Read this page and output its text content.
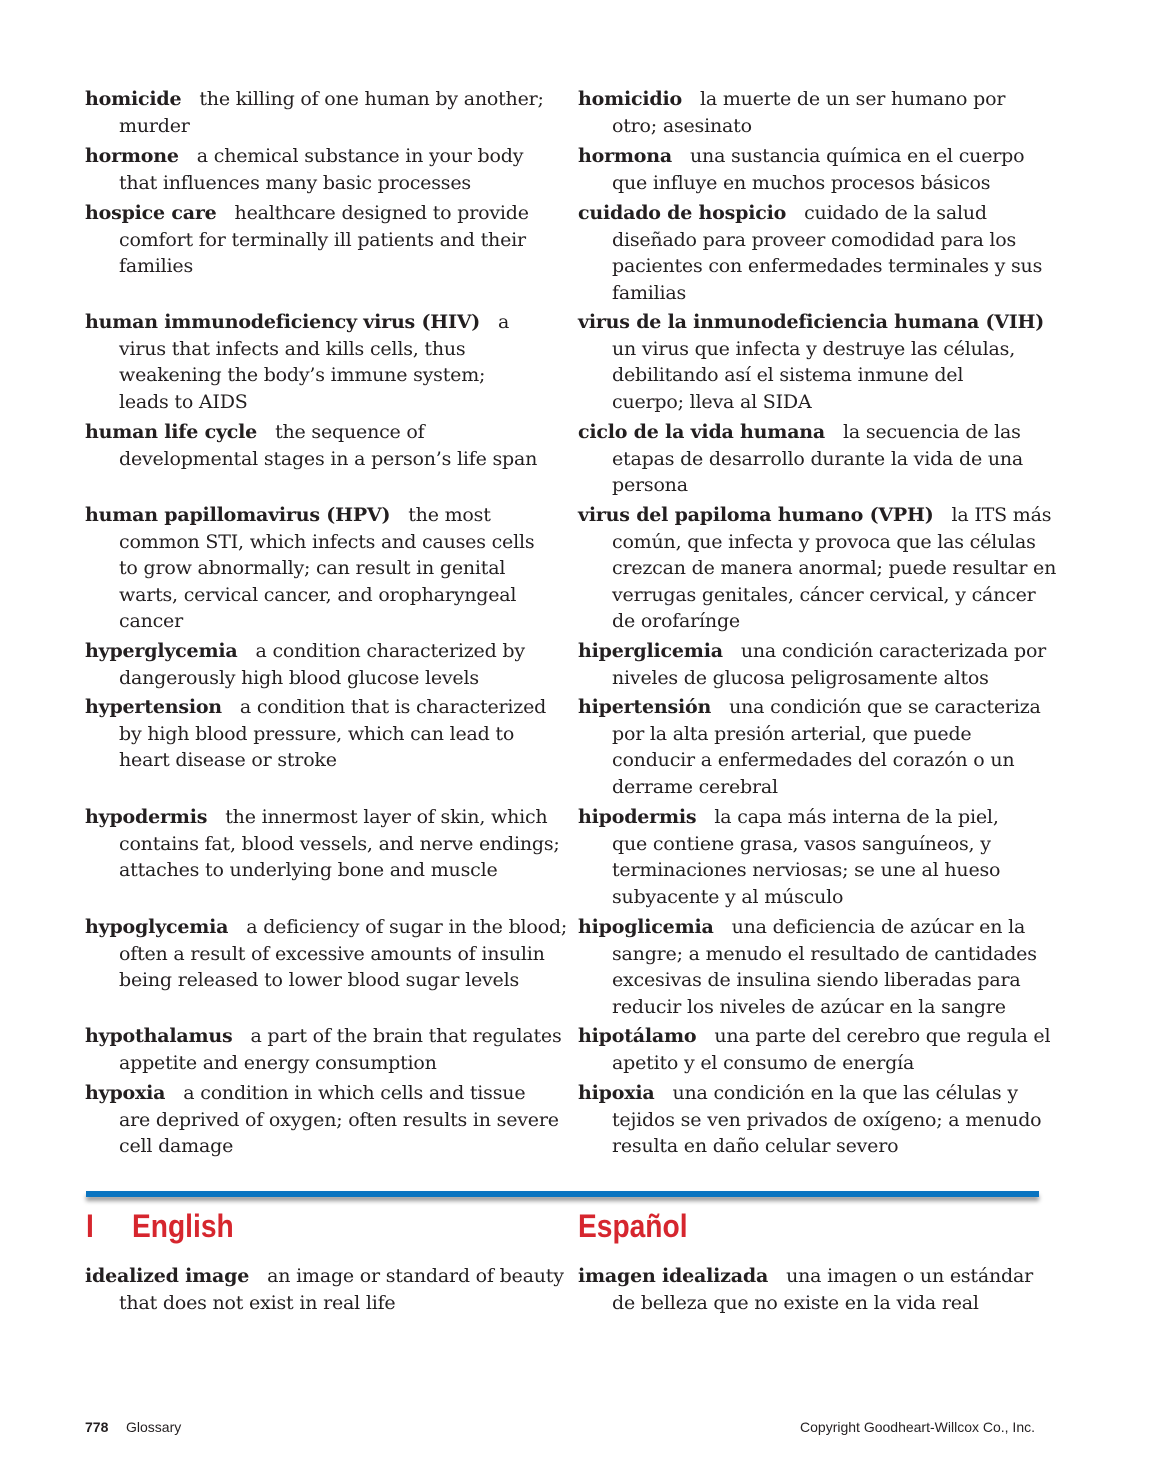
homicide the killing of one human by another;
murder
homicidio la muerte de un ser humano por
otro; asesinato
hormone a chemical substance in your body
that influences many basic processes
hormona una sustancia química en el cuerpo
que influye en muchos procesos básicos
hospice care healthcare designed to provide
comfort for terminally ill patients and their
families
cuidado de hospicio cuidado de la salud
diseñado para proveer comodidad para los
pacientes con enfermedades terminales y sus
familias
human immunodeficiency virus (HIV) a
virus that infects and kills cells, thus
weakening the body’s immune system;
leads to AIDS
virus de la inmunodeficiencia humana (VIH)
un virus que infecta y destruye las células,
debilitando así el sistema inmune del
cuerpo; lleva al SIDA
human life cycle the sequence of
developmental stages in a person’s life span
ciclo de la vida humana la secuencia de las
etapas de desarrollo durante la vida de una
persona
human papillomavirus (HPV) the most
common STI, which infects and causes cells
to grow abnormally; can result in genital
warts, cervical cancer, and oropharyngeal
cancer
virus del papiloma humano (VPH) la ITS más
común, que infecta y provoca que las células
crezcan de manera anormal; puede resultar en
verrugas genitales, cáncer cervical, y cáncer
de orofarínge
hyperglycemia a condition characterized by
dangerously high blood glucose levels
hiperglicemia una condición caracterizada por
niveles de glucosa peligrosamente altos
hypertension a condition that is characterized
by high blood pressure, which can lead to
heart disease or stroke
hipertensión una condición que se caracteriza
por la alta presión arterial, que puede
conducir a enfermedades del corazón o un
derrame cerebral
hypodermis the innermost layer of skin, which
contains fat, blood vessels, and nerve endings;
attaches to underlying bone and muscle
hipodermis la capa más interna de la piel,
que contiene grasa, vasos sanguíneos, y
terminaciones nerviosas; se une al hueso
subyacente y al músculo
hypoglycemia a deficiency of sugar in the blood;
often a result of excessive amounts of insulin
being released to lower blood sugar levels
hipoglicemia una deficiencia de azúcar en la
sangre; a menudo el resultado de cantidades
excesivas de insulina siendo liberadas para
reducir los niveles de azúcar en la sangre
hypothalamus a part of the brain that regulates
appetite and energy consumption
hipotálamo una parte del cerebro que regula el
apetito y el consumo de energía
hypoxia a condition in which cells and tissue
are deprived of oxygen; often results in severe
cell damage
hipoxia una condición en la que las células y
tejidos se ven privados de oxígeno; a menudo
resulta en daño celular severo
idealized image an image or standard of beauty
that does not exist in real life
imagen idealizada una imagen o un estándar
de belleza que no existe en la vida real
I English	Español
778 Glossary	Copyright Goodheart-Willcox Co., Inc.
